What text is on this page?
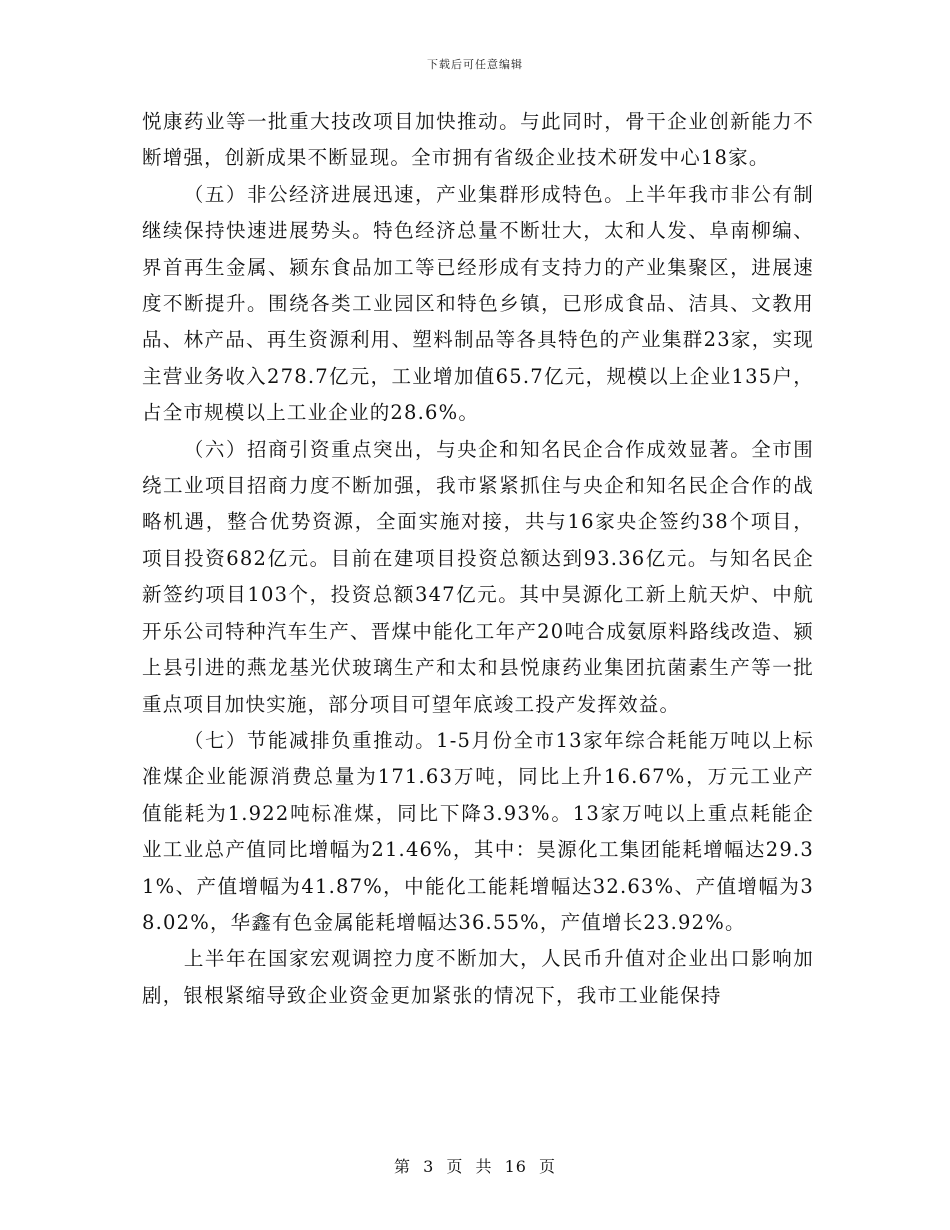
下载后可任意编辑

悦康药业等一批重大技改项目加快推动。与此同时，骨干企业创新能力不断增强，创新成果不断显现。全市拥有省级企业技术研发中心18家。

（五）非公经济进展迅速，产业集群形成特色。上半年我市非公有制继续保持快速进展势头。特色经济总量不断壮大，太和人发、阜南柳编、界首再生金属、颍东食品加工等已经形成有支持力的产业集聚区，进展速度不断提升。围绕各类工业园区和特色乡镇，已形成食品、洁具、文教用品、林产品、再生资源利用、塑料制品等各具特色的产业集群23家，实现主营业务收入278.7亿元，工业增加值65.7亿元，规模以上企业135户，占全市规模以上工业企业的28.6%。

（六）招商引资重点突出，与央企和知名民企合作成效显著。全市围绕工业项目招商力度不断加强，我市紧紧抓住与央企和知名民企合作的战略机遇，整合优势资源，全面实施对接，共与16家央企签约38个项目，项目投资682亿元。目前在建项目投资总额达到93.36亿元。与知名民企新签约项目103个，投资总额347亿元。其中昊源化工新上航天炉、中航开乐公司特种汽车生产、晋煤中能化工年产20吨合成氨原料路线改造、颍上县引进的燕龙基光伏玻璃生产和太和县悦康药业集团抗菌素生产等一批重点项目加快实施，部分项目可望年底竣工投产发挥效益。

（七）节能减排负重推动。1-5月份全市13家年综合耗能万吨以上标准煤企业能源消费总量为171.63万吨，同比上升16.67%，万元工业产值能耗为1.922吨标准煤，同比下降3.93%。13家万吨以上重点耗能企业工业总产值同比增幅为21.46%，其中：昊源化工集团能耗增幅达29.31%、产值增幅为41.87%，中能化工能耗增幅达32.63%、产值增幅为38.02%，华鑫有色金属能耗增幅达36.55%，产值增长23.92%。

上半年在国家宏观调控力度不断加大，人民币升值对企业出口影响加剧，银根紧缩导致企业资金更加紧张的情况下，我市工业能保持

第 3 页 共 16 页
